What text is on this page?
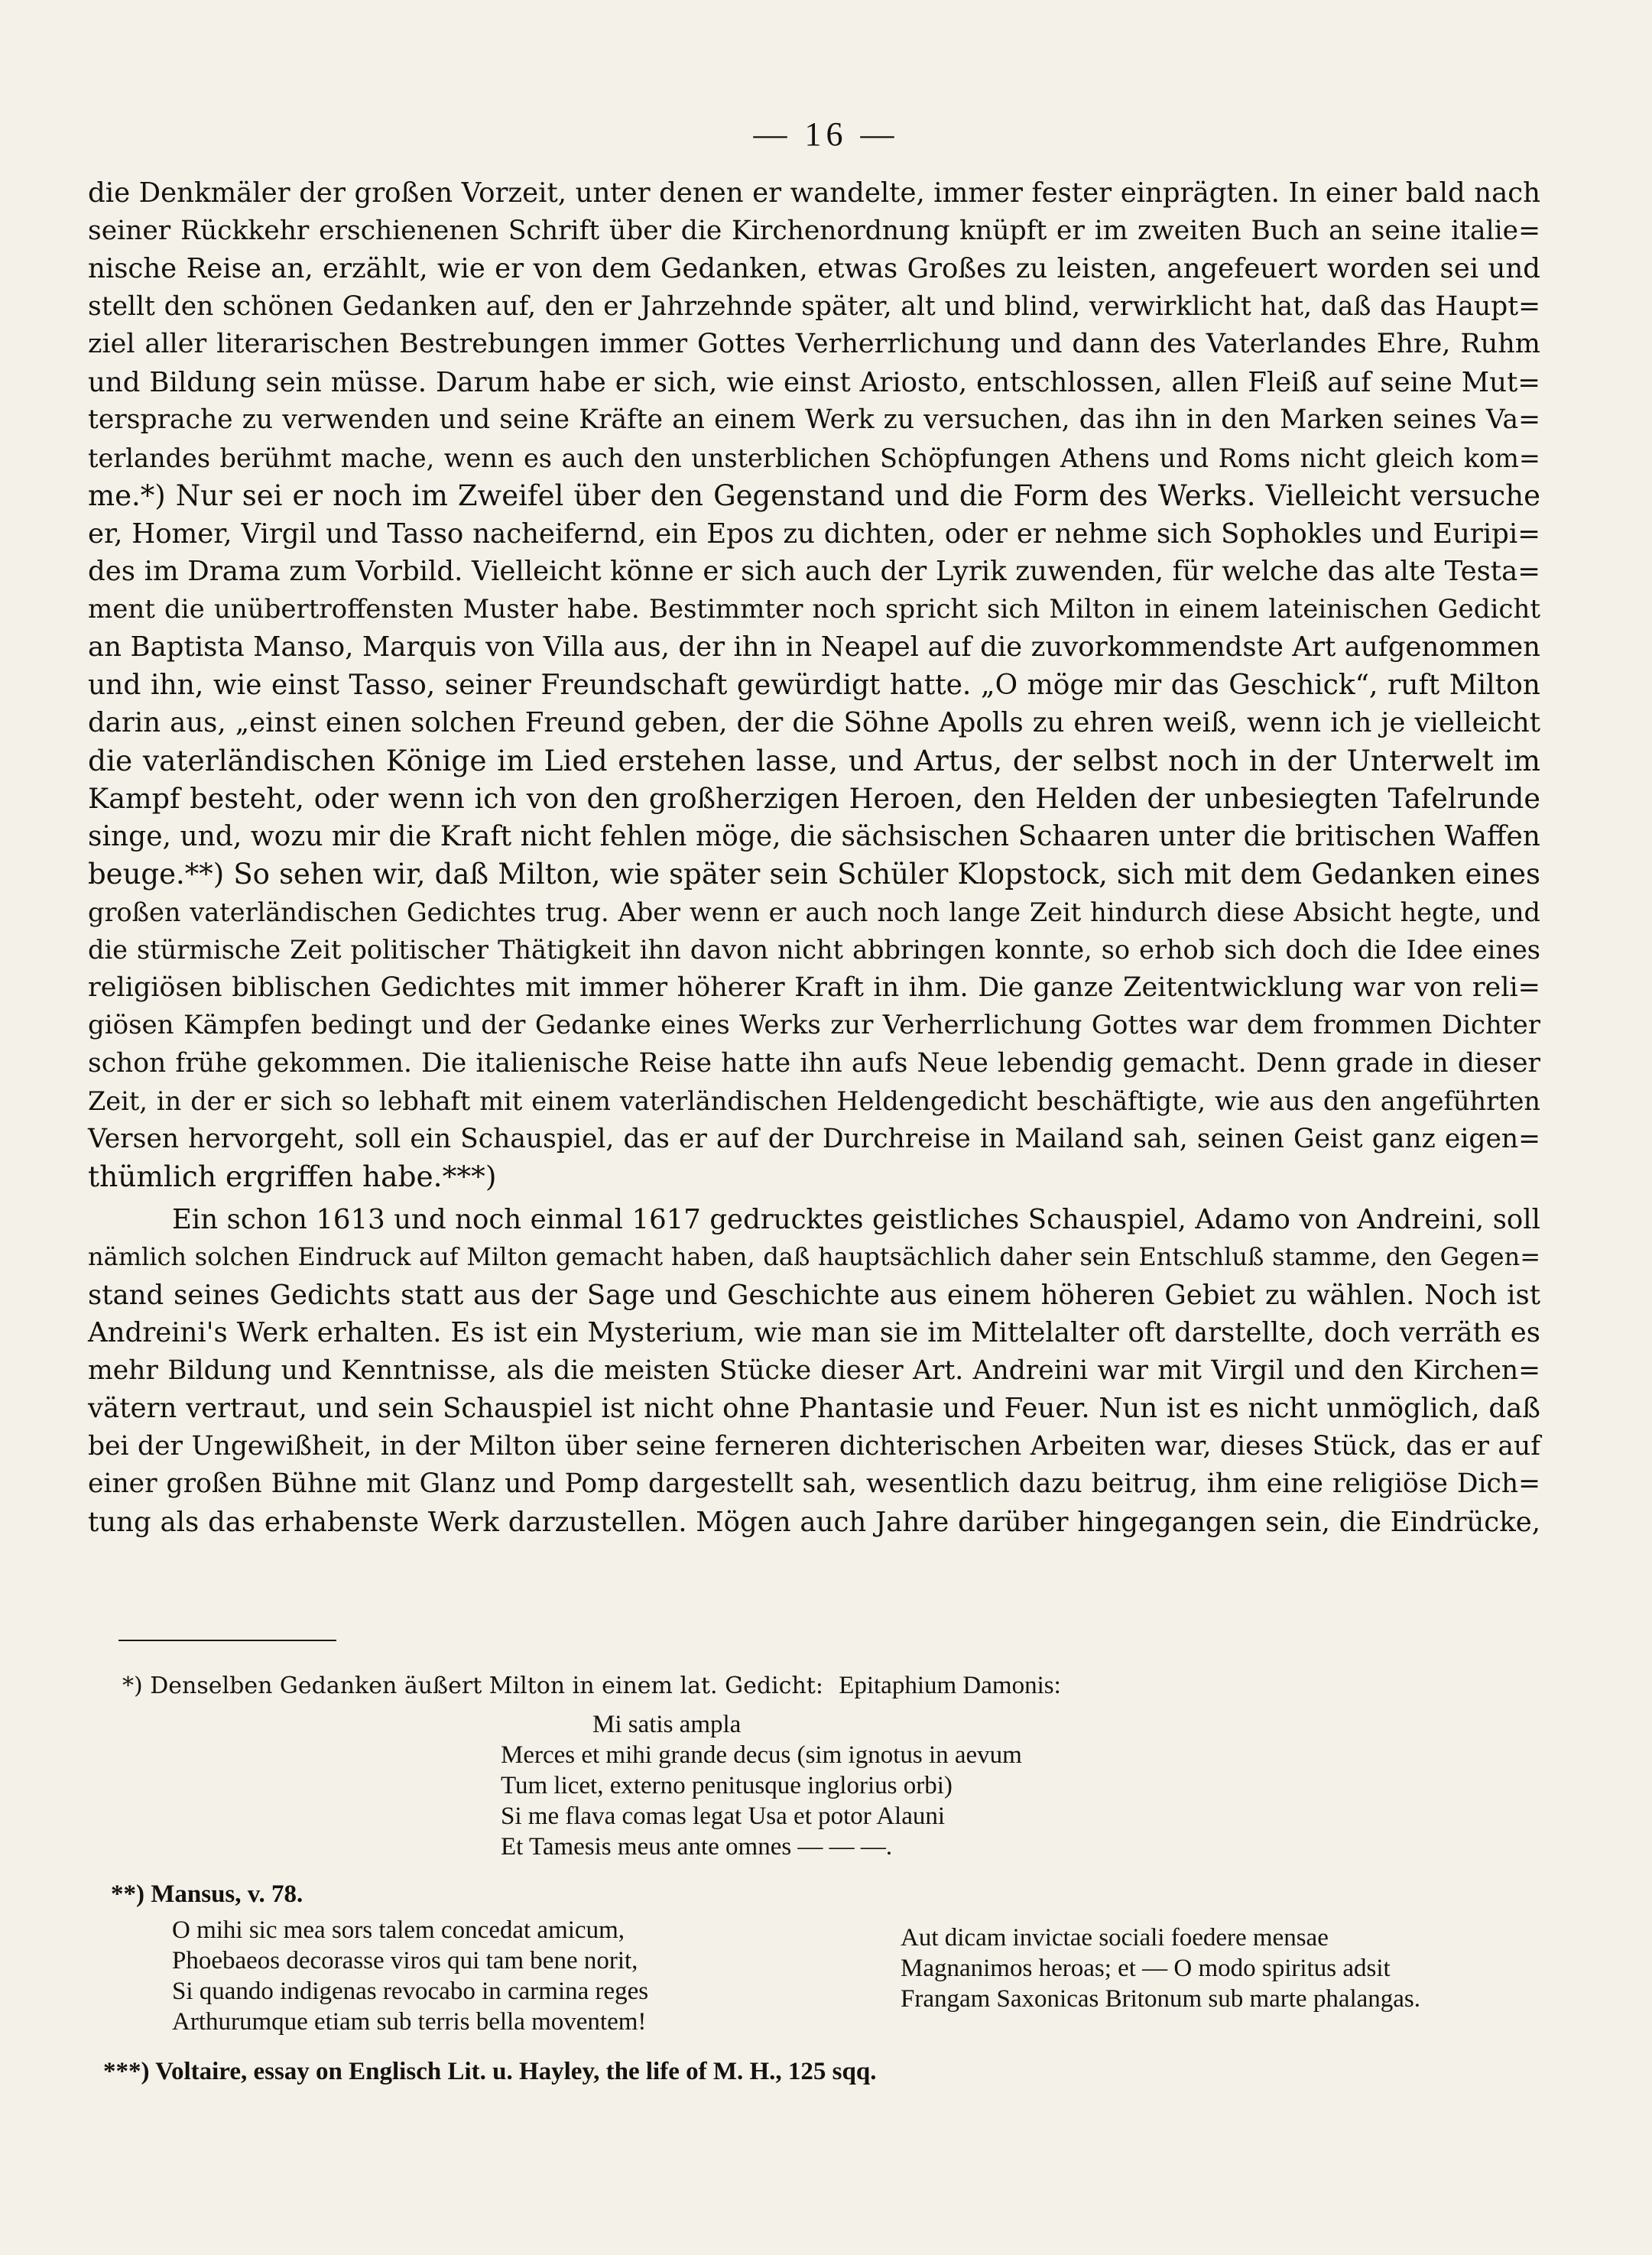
— 16 —
die Denkmäler der großen Vorzeit, unter denen er wandelte, immer fester einprägten. In einer bald nach
seiner Rückkehr erschienenen Schrift über die Kirchenordnung knüpft er im zweiten Buch an seine italie=
nische Reise an, erzählt, wie er von dem Gedanken, etwas Großes zu leisten, angefeuert worden sei und
stellt den schönen Gedanken auf, den er Jahrzehnde später, alt und blind, verwirklicht hat, daß das Haupt=
ziel aller literarischen Bestrebungen immer Gottes Verherrlichung und dann des Vaterlandes Ehre, Ruhm
und Bildung sein müsse. Darum habe er sich, wie einst Ariosto, entschlossen, allen Fleiß auf seine Mut=
tersprache zu verwenden und seine Kräfte an einem Werk zu versuchen, das ihn in den Marken seines Va=
terlandes berühmt mache, wenn es auch den unsterblichen Schöpfungen Athens und Roms nicht gleich kom=
me.*) Nur sei er noch im Zweifel über den Gegenstand und die Form des Werks. Vielleicht versuche
er, Homer, Virgil und Tasso nacheifernd, ein Epos zu dichten, oder er nehme sich Sophokles und Euripi=
des im Drama zum Vorbild. Vielleicht könne er sich auch der Lyrik zuwenden, für welche das alte Testa=
ment die unübertroffensten Muster habe. Bestimmter noch spricht sich Milton in einem lateinischen Gedicht
an Baptista Manso, Marquis von Villa aus, der ihn in Neapel auf die zuvorkommendste Art aufgenommen
und ihn, wie einst Tasso, seiner Freundschaft gewürdigt hatte. „O möge mir das Geschick“, ruft Milton
darin aus, „einst einen solchen Freund geben, der die Söhne Apolls zu ehren weiß, wenn ich je vielleicht
die vaterländischen Könige im Lied erstehen lasse, und Artus, der selbst noch in der Unterwelt im
Kampf besteht, oder wenn ich von den großherzigen Heroen, den Helden der unbesiegten Tafelrunde
singe, und, wozu mir die Kraft nicht fehlen möge, die sächsischen Schaaren unter die britischen Waffen
beuge.**) So sehen wir, daß Milton, wie später sein Schüler Klopstock, sich mit dem Gedanken eines
großen vaterländischen Gedichtes trug. Aber wenn er auch noch lange Zeit hindurch diese Absicht hegte, und
die stürmische Zeit politischer Thätigkeit ihn davon nicht abbringen konnte, so erhob sich doch die Idee eines
religiösen biblischen Gedichtes mit immer höherer Kraft in ihm. Die ganze Zeitentwicklung war von reli=
giösen Kämpfen bedingt und der Gedanke eines Werks zur Verherrlichung Gottes war dem frommen Dichter
schon frühe gekommen. Die italienische Reise hatte ihn aufs Neue lebendig gemacht. Denn grade in dieser
Zeit, in der er sich so lebhaft mit einem vaterländischen Heldengedicht beschäftigte, wie aus den angeführten
Versen hervorgeht, soll ein Schauspiel, das er auf der Durchreise in Mailand sah, seinen Geist ganz eigen=
thümlich ergriffen habe.***)
Ein schon 1613 und noch einmal 1617 gedrucktes geistliches Schauspiel, Adamo von Andreini, soll
nämlich solchen Eindruck auf Milton gemacht haben, daß hauptsächlich daher sein Entschluß stamme, den Gegen=
stand seines Gedichts statt aus der Sage und Geschichte aus einem höheren Gebiet zu wählen. Noch ist
Andreini's Werk erhalten. Es ist ein Mysterium, wie man sie im Mittelalter oft darstellte, doch verräth es
mehr Bildung und Kenntnisse, als die meisten Stücke dieser Art. Andreini war mit Virgil und den Kirchen=
vätern vertraut, und sein Schauspiel ist nicht ohne Phantasie und Feuer. Nun ist es nicht unmöglich, daß
bei der Ungewißheit, in der Milton über seine ferneren dichterischen Arbeiten war, dieses Stück, das er auf
einer großen Bühne mit Glanz und Pomp dargestellt sah, wesentlich dazu beitrug, ihm eine religiöse Dich=
tung als das erhabenste Werk darzustellen. Mögen auch Jahre darüber hingegangen sein, die Eindrücke,
*) Denselben Gedanken äußert Milton in einem lat. Gedicht: Epitaphium Damonis:
Mi satis ampla
Merces et mihi grande decus (sim ignotus in aevum
Tum licet, externo penitusque inglorius orbi)
Si me flava comas legat Usa et potor Alauni
Et Tamesis meus ante omnes — — —.
**) Mansus, v. 78.
O mihi sic mea sors talem concedat amicum,
Phoebaeos decorasse viros qui tam bene norit,
Si quando indigenas revocabo in carmina reges
Arthurumque etiam sub terris bella moventem!
Aut dicam invictae sociali foedere mensae
Magnanimos heroas; et — O modo spiritus adsit
Frangam Saxonicas Britonum sub marte phalangas.
***) Voltaire, essay on Englisch Lit. u. Hayley, the life of M. H., 125 sqq.
